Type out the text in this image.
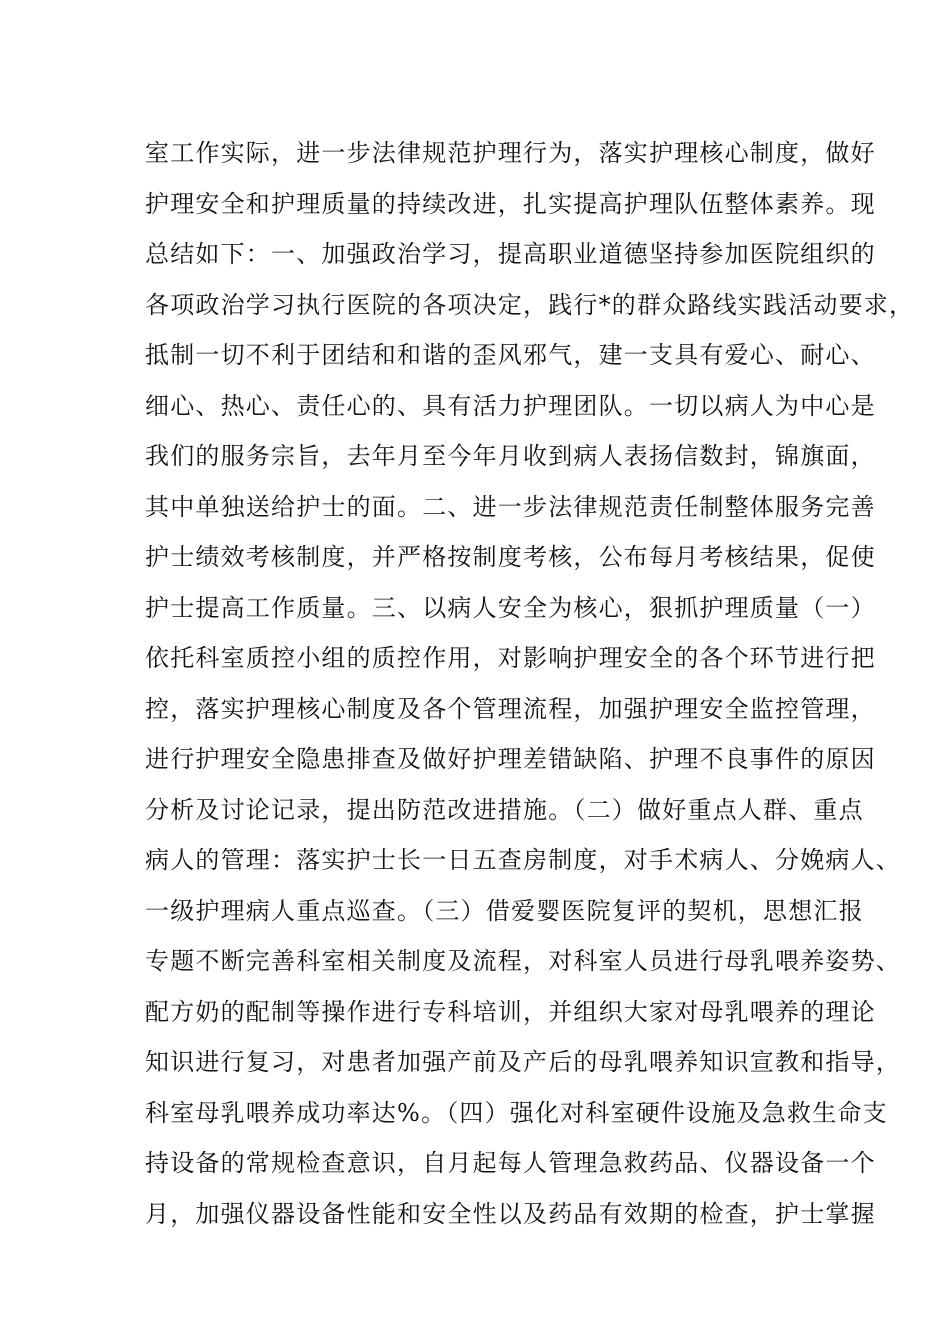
室工作实际，进一步法律规范护理行为，落实护理核心制度，做好
护理安全和护理质量的持续改进，扎实提高护理队伍整体素养。现
总结如下：一、加强政治学习，提高职业道德坚持参加医院组织的
各项政治学习执行医院的各项决定，践行*的群众路线实践活动要求，
抵制一切不利于团结和和谐的歪风邪气，建一支具有爱心、耐心、
细心、热心、责任心的、具有活力护理团队。一切以病人为中心是
我们的服务宗旨，去年月至今年月收到病人表扬信数封，锦旗面，
其中单独送给护士的面。二、进一步法律规范责任制整体服务完善
护士绩效考核制度，并严格按制度考核，公布每月考核结果，促使
护士提高工作质量。三、以病人安全为核心，狠抓护理质量（一）
依托科室质控小组的质控作用，对影响护理安全的各个环节进行把
控，落实护理核心制度及各个管理流程，加强护理安全监控管理，
进行护理安全隐患排查及做好护理差错缺陷、护理不良事件的原因
分析及讨论记录，提出防范改进措施。（二）做好重点人群、重点
病人的管理：落实护士长一日五查房制度，对手术病人、分娩病人、
一级护理病人重点巡查。（三）借爱婴医院复评的契机，思想汇报
专题不断完善科室相关制度及流程，对科室人员进行母乳喂养姿势、
配方奶的配制等操作进行专科培训，并组织大家对母乳喂养的理论
知识进行复习，对患者加强产前及产后的母乳喂养知识宣教和指导，
科室母乳喂养成功率达%。（四）强化对科室硬件设施及急救生命支
持设备的常规检查意识，自月起每人管理急救药品、仪器设备一个
月，加强仪器设备性能和安全性以及药品有效期的检查，护士掌握
